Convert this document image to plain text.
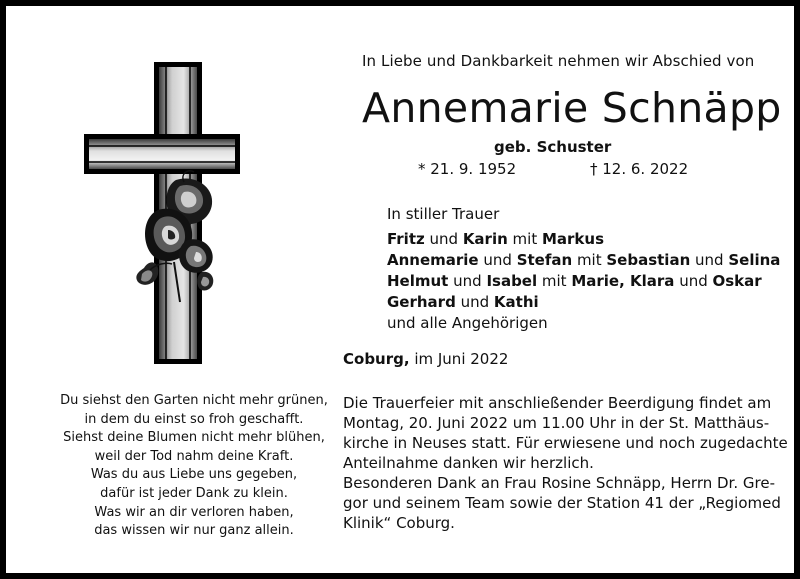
In Liebe und Dankbarkeit nehmen wir Abschied von
Annemarie Schnäpp
geb. Schuster
* 21. 9. 1952	† 12. 6. 2022
In stiller Trauer
Fritz und Karin mit Markus
Annemarie und Stefan mit Sebastian und Selina
Helmut und Isabel mit Marie, Klara und Oskar
Gerhard und Kathi
und alle Angehörigen
Coburg, im Juni 2022
Die Trauerfeier mit anschließender Beerdigung findet am
Montag, 20. Juni 2022 um 11.00 Uhr in der St. Matthäus-
kirche in Neuses statt. Für erwiesene und noch zugedachte
Anteilnahme danken wir herzlich.
Besonderen Dank an Frau Rosine Schnäpp, Herrn Dr. Gre-
gor und seinem Team sowie der Station 41 der „Regiomed
Klinik“ Coburg.
Du siehst den Garten nicht mehr grünen,
in dem du einst so froh geschafft.
Siehst deine Blumen nicht mehr blühen,
weil der Tod nahm deine Kraft.
Was du aus Liebe uns gegeben,
dafür ist jeder Dank zu klein.
Was wir an dir verloren haben,
das wissen wir nur ganz allein.
